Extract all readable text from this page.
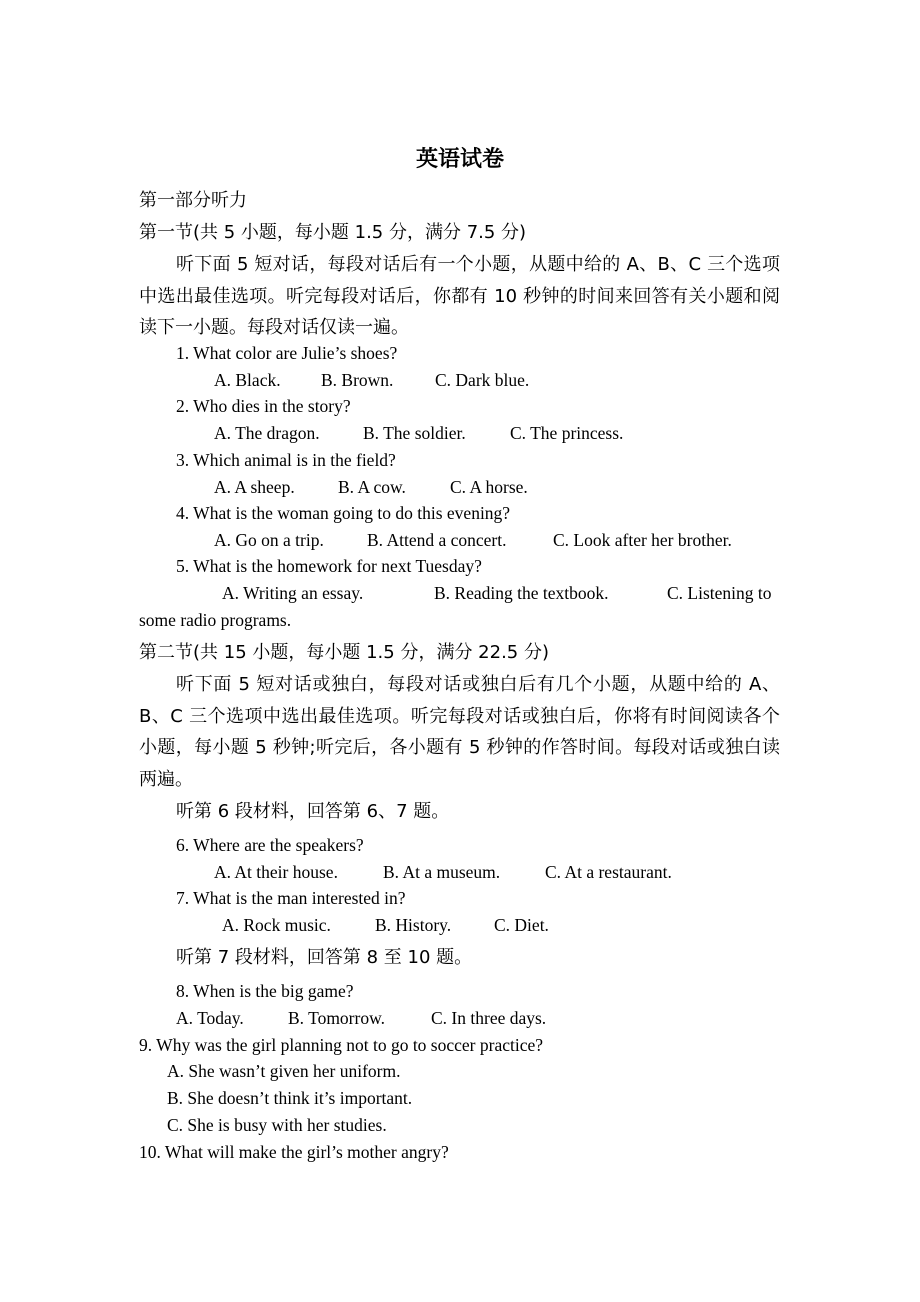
英语试卷
第一部分听力
第一节(共 5 小题，每小题 1.5 分，满分 7.5 分)
听下面 5 短对话，每段对话后有一个小题，从题中给的 A、B、C 三个选项
中选出最佳选项。听完每段对话后，你都有 10 秒钟的时间来回答有关小题和阅
读下一小题。每段对话仅读一遍。
1. What color are Julie’s shoes?
A. Black. B. Brown. C. Dark blue.
2. Who dies in the story?
A. The dragon. B. The soldier.	C. The princess.
3. Which animal is in the field?
A. A sheep. B. A cow.	C. A horse.
4. What is the woman going to do this evening?
A. Go on a trip. B. Attend a concert.	C. Look after her brother.
5. What is the homework for next Tuesday?
A. Writing an essay.	B. Reading the textbook.	C. Listening to
some radio programs.
第二节(共 15 小题，每小题 1.5 分，满分 22.5 分)
听下面 5 短对话或独白，每段对话或独白后有几个小题，从题中给的 A、
B、C 三个选项中选出最佳选项。听完每段对话或独白后，你将有时间阅读各个
小题，每小题 5 秒钟;听完后，各小题有 5 秒钟的作答时间。每段对话或独白读
两遍。
听第 6 段材料，回答第 6、7 题。
6. Where are the speakers?
A. At their house.	B. At a museum.	C. At a restaurant.
7. What is the man interested in?
A. Rock music.	B. History. C. Diet.
听第 7 段材料，回答第 8 至 10 题。
8. When is the big game?
A. Today.	B. Tomorrow.	C. In three days.
9. Why was the girl planning not to go to soccer practice?
A. She wasn’t given her uniform.
B. She doesn’t think it’s important.
C. She is busy with her studies.
10. What will make the girl’s mother angry?
